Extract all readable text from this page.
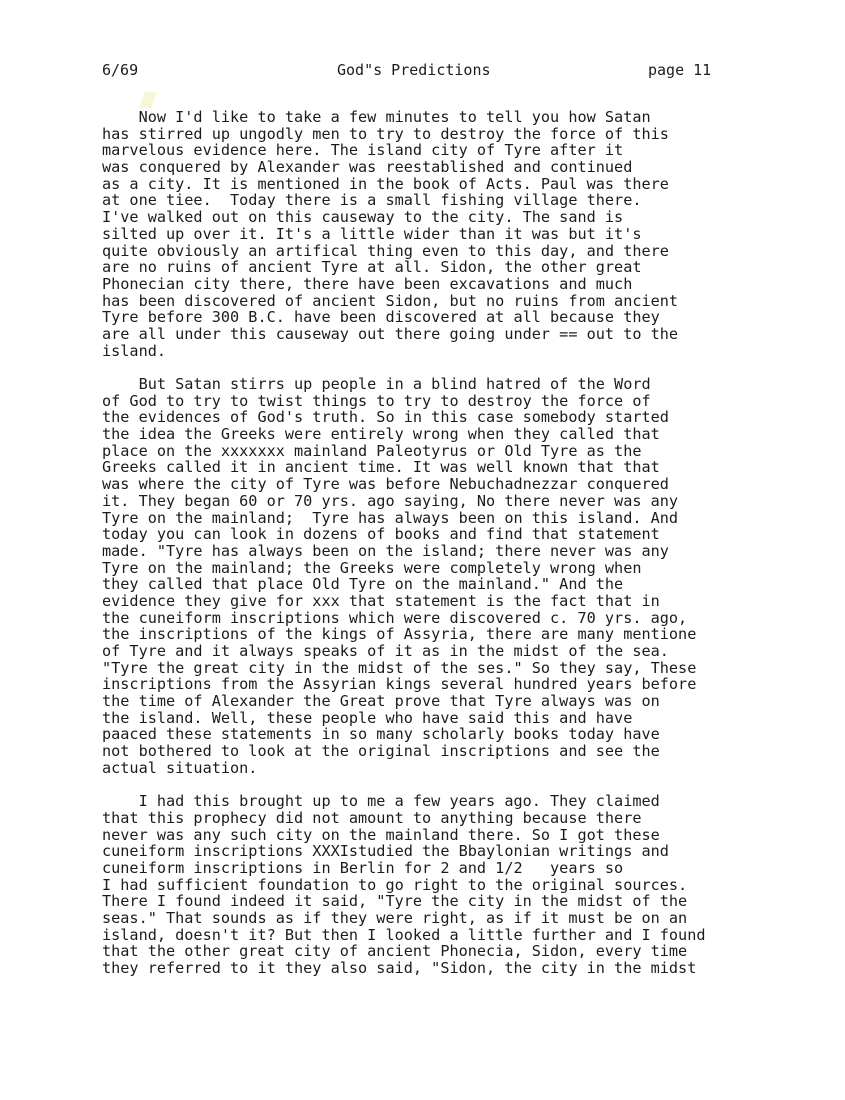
6/69	God"s Predictions	page 11
Now I'd like to take a few minutes to tell you how Satan
has stirred up ungodly men to try to destroy the force of this
marvelous evidence here. The island city of Tyre after it
was conquered by Alexander was reestablished and continued
as a city. It is mentioned in the book of Acts. Paul was there
at one tiee.  Today there is a small fishing village there.
I've walked out on this causeway to the city. The sand is
silted up over it. It's a little wider than it was but it's
quite obviously an artifical thing even to this day, and there
are no ruins of ancient Tyre at all. Sidon, the other great
Phonecian city there, there have been excavations and much
has been discovered of ancient Sidon, but no ruins from ancient
Tyre before 300 B.C. have been discovered at all because they
are all under this causeway out there going under == out to the
island.
But Satan stirrs up people in a blind hatred of the Word
of God to try to twist things to try to destroy the force of
the evidences of God's truth. So in this case somebody started
the idea the Greeks were entirely wrong when they called that
place on the xxxxxxx mainland Paleotyrus or Old Tyre as the
Greeks called it in ancient time. It was well known that that
was where the city of Tyre was before Nebuchadnezzar conquered
it. They began 60 or 70 yrs. ago saying, No there never was any
Tyre on the mainland;  Tyre has always been on this island. And
today you can look in dozens of books and find that statement
made. "Tyre has always been on the island; there never was any
Tyre on the mainland; the Greeks were completely wrong when
they called that place Old Tyre on the mainland." And the
evidence they give for xxx that statement is the fact that in
the cuneiform inscriptions which were discovered c. 70 yrs. ago,
the inscriptions of the kings of Assyria, there are many mentione
of Tyre and it always speaks of it as in the midst of the sea.
"Tyre the great city in the midst of the ses." So they say, These
inscriptions from the Assyrian kings several hundred years before
the time of Alexander the Great prove that Tyre always was on
the island. Well, these people who have said this and have
paaced these statements in so many scholarly books today have
not bothered to look at the original inscriptions and see the
actual situation.
I had this brought up to me a few years ago. They claimed
that this prophecy did not amount to anything because there
never was any such city on the mainland there. So I got these
cuneiform inscriptions XXXIstudied the Bbaylonian writings and
cuneiform inscriptions in Berlin for 2 and 1/2   years so
I had sufficient foundation to go right to the original sources.
There I found indeed it said, "Tyre the city in the midst of the
seas." That sounds as if they were right, as if it must be on an
island, doesn't it? But then I looked a little further and I found
that the other great city of ancient Phonecia, Sidon, every time
they referred to it they also said, "Sidon, the city in the midst
